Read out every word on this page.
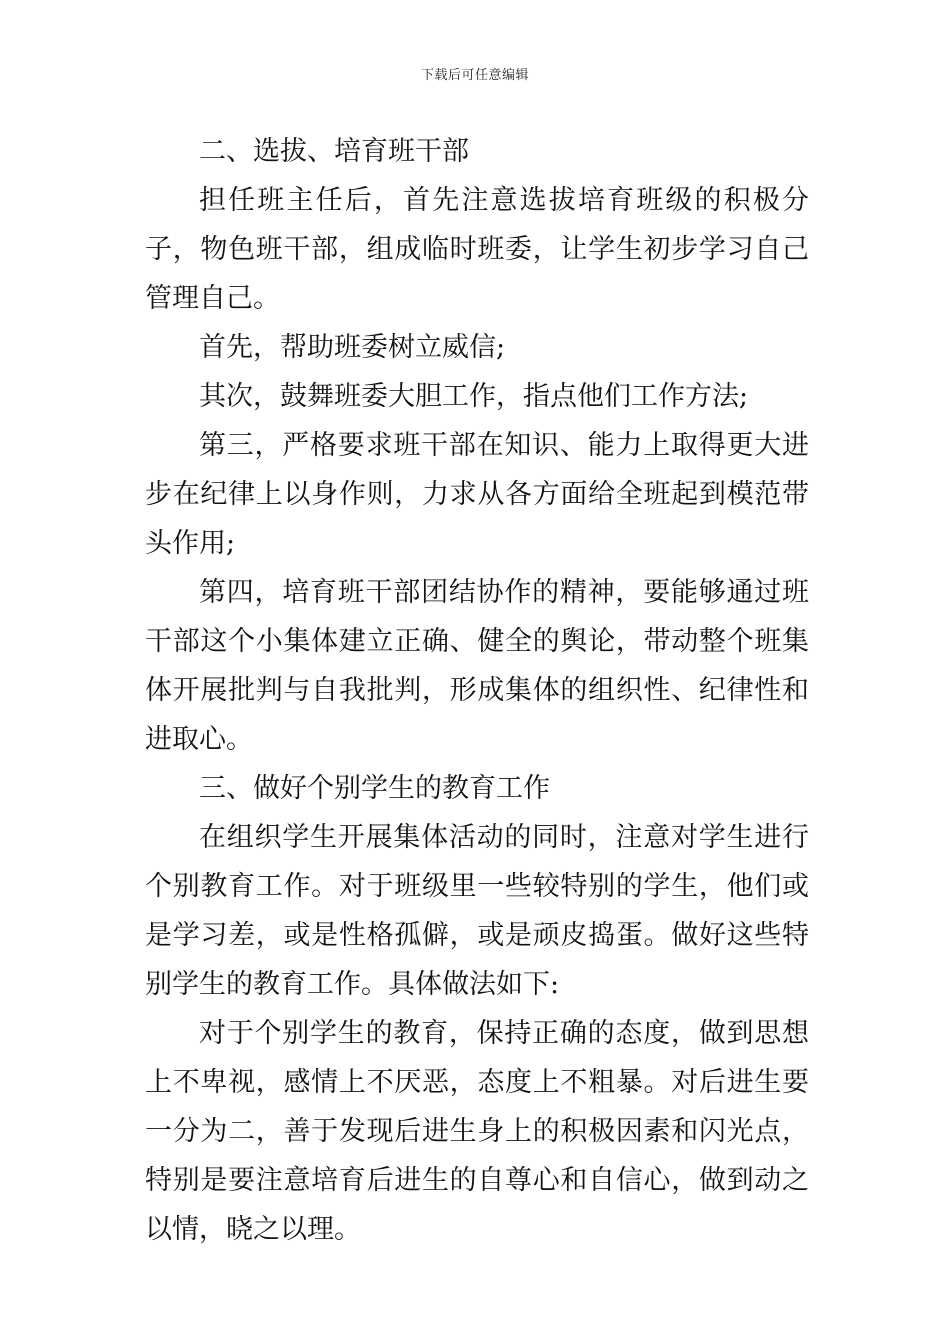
下载后可任意编辑

二、选拔、培育班干部

担任班主任后，首先注意选拔培育班级的积极分子，物色班干部，组成临时班委，让学生初步学习自己管理自己。

首先，帮助班委树立威信;

其次，鼓舞班委大胆工作，指点他们工作方法;

第三，严格要求班干部在知识、能力上取得更大进步在纪律上以身作则，力求从各方面给全班起到模范带头作用;

第四，培育班干部团结协作的精神，要能够通过班干部这个小集体建立正确、健全的舆论，带动整个班集体开展批判与自我批判，形成集体的组织性、纪律性和进取心。

三、做好个别学生的教育工作

在组织学生开展集体活动的同时，注意对学生进行个别教育工作。对于班级里一些较特别的学生，他们或是学习差，或是性格孤僻，或是顽皮捣蛋。做好这些特别学生的教育工作。具体做法如下:

对于个别学生的教育，保持正确的态度，做到思想上不卑视，感情上不厌恶，态度上不粗暴。对后进生要一分为二，善于发现后进生身上的积极因素和闪光点，特别是要注意培育后进生的自尊心和自信心，做到动之以情，晓之以理。
